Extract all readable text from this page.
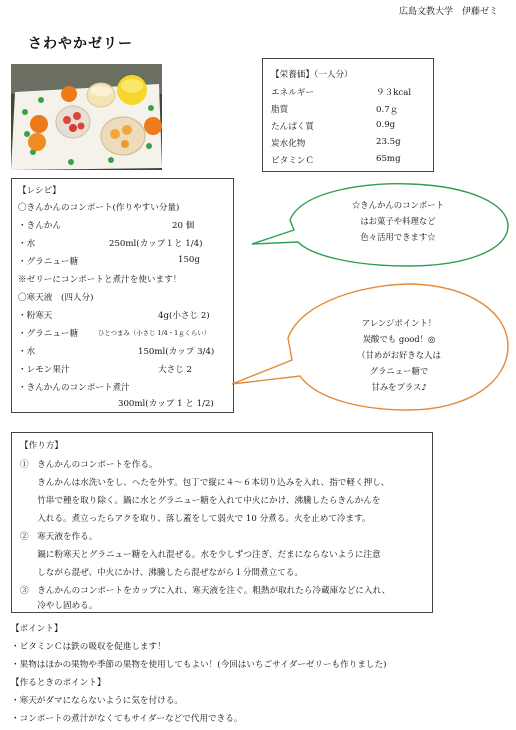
広島文教大学　伊藤ゼミ
さわやかゼリー
【栄養価】（一人分）
エネルギー	９３kcal
脂質	0.7ｇ
たんぱく質	0.9g
炭水化物	23.5g
ビタミンＣ	65mg
【レシピ】
〇きんかんのコンポート(作りやすい分量)
・きんかん	20 個
・水	250ml(カップ１と 1/4)
・グラニュー糖	150g
※ゼリーにコンポートと煮汁を使います！
〇寒天液　(四人分)
・粉寒天	4g(小さじ 2)
・グラニュー糖	ひとつまみ（小さじ 1/4・1ｇくらい）
・水	150ml(カップ 3/4)
・レモン果汁	大さじ 2
・きんかんのコンポート煮汁
300ml(カップ 1 と 1/2)
☆きんかんのコンポート
はお菓子や料理など
色々活用できます☆
アレンジポイント！
炭酸でも good！◎
（甘めがお好きな人は
グラニュー糖で
甘みをプラス♪
【作り方】
①　きんかんのコンポートを作る。
　　きんかんは水洗いをし、へたを外す。包丁で縦に４～６本切り込みを入れ、指で軽く押し、
　　竹串で種を取り除く。鍋に水とグラニュー糖を入れて中火にかけ、沸騰したらきんかんを
　　入れる。煮立ったらアクを取り、落し蓋をして弱火で 10 分煮る。火を止めて冷ます。
②　寒天液を作る。
　　鍋に粉寒天とグラニュー糖を入れ混ぜる。水を少しずつ注ぎ、だまにならないように注意
　　しながら混ぜ、中火にかけ、沸騰したら混ぜながら１分間煮立てる。
③　きんかんのコンポートをカップに入れ、寒天液を注ぐ。粗熱が取れたら冷蔵庫などに入れ、
　　冷やし固める。
【ポイント】
・ビタミンＣは鉄の吸収を促進します！
・果物はほかの果物や季節の果物を使用してもよい！(今回はいちごサイダーゼリーも作りました)
【作るときのポイント】
・寒天がダマにならないように気を付ける。
・コンポートの煮汁がなくてもサイダーなどで代用できる。
